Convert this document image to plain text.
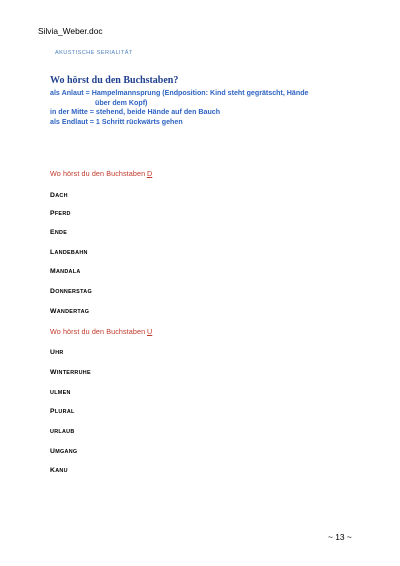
Silvia_Weber.doc
AKUSTISCHE SERIALITÄT
Wo hörst du den Buchstaben?
als Anlaut = Hampelmannsprung (Endposition: Kind steht gegrätscht, Hände
über dem Kopf)
in der Mitte = stehend, beide Hände auf den Bauch
als Endlaut = 1 Schritt rückwärts gehen
Wo hörst du den Buchstaben D
DACH
PFERD
ENDE
LANDEBAHN
MANDALA
DONNERSTAG
WANDERTAG
Wo hörst du den Buchstaben U
UHR
WINTERRUHE
ULMEN
PLURAL
URLAUB
UMGANG
KANU
~ 13 ~
